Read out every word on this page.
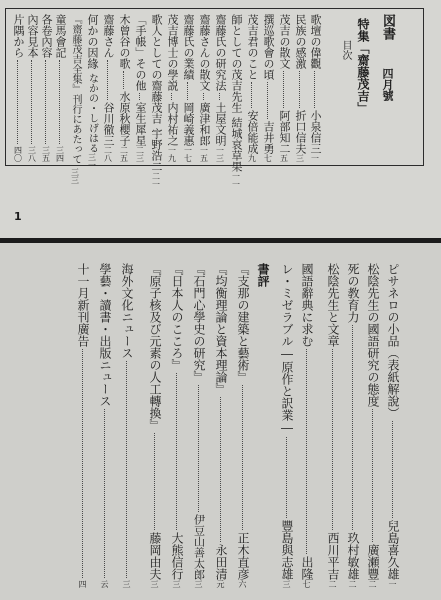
図書
四月號
特集「齋藤茂吉」
目次
歌壇の偉觀
小泉信三
一
民族の感激
折口信夫
三
茂吉の散文
阿部知二
五
撰巡歌會の頃
吉井勇
七
茂吉君のこと
安倍能成
九
師としての茂吉先生
結城哀草果
一一
齋藤氏の研究法
土屋文明
一三
齋藤さんの散文
廣津和郎
一五
齋藤氏の業績
岡崎義惠
一七
茂吉博士の學説
内村祐之
一九
歌人としての齋藤茂吉
宇野浩二
二一
「手帳」その他
室生犀星
二三
木曾谷の歌
水原秋櫻子
二五
齋藤さん
谷川徹三
二八
何かの因緣
なかの・しげはる
三一
『齋藤茂吉全集』刊行にあたって
三三
童馬會記
三四
各卷內容
三五
內容見本
三八
片隅から
四〇
1
ピサネロの小品（表紙解說）
兒島喜久雄
一
松陰先生の國語研究の態度
廣瀬豐
二
死の教育力
玖村敏雄
二
松陰先生と文章
西川平吉
二
國語辭典に求む
出隆
七
レ・ミゼラブル―原作と訳業―
豐島與志雄
三
書評
『支那の建築と藝術』
正木直彦
六
『均衡理論と資本理論』
永田清
元
『石門心學史の研究』
伊豆山善太郎
三
『日本人のこころ』
大熊信行
三
『原子核及び元素の人工轉換』
藤岡由夫
三
海外文化ニュース
三
學藝・讀書・出版ニュース
云
十一月新刊廣告
四
